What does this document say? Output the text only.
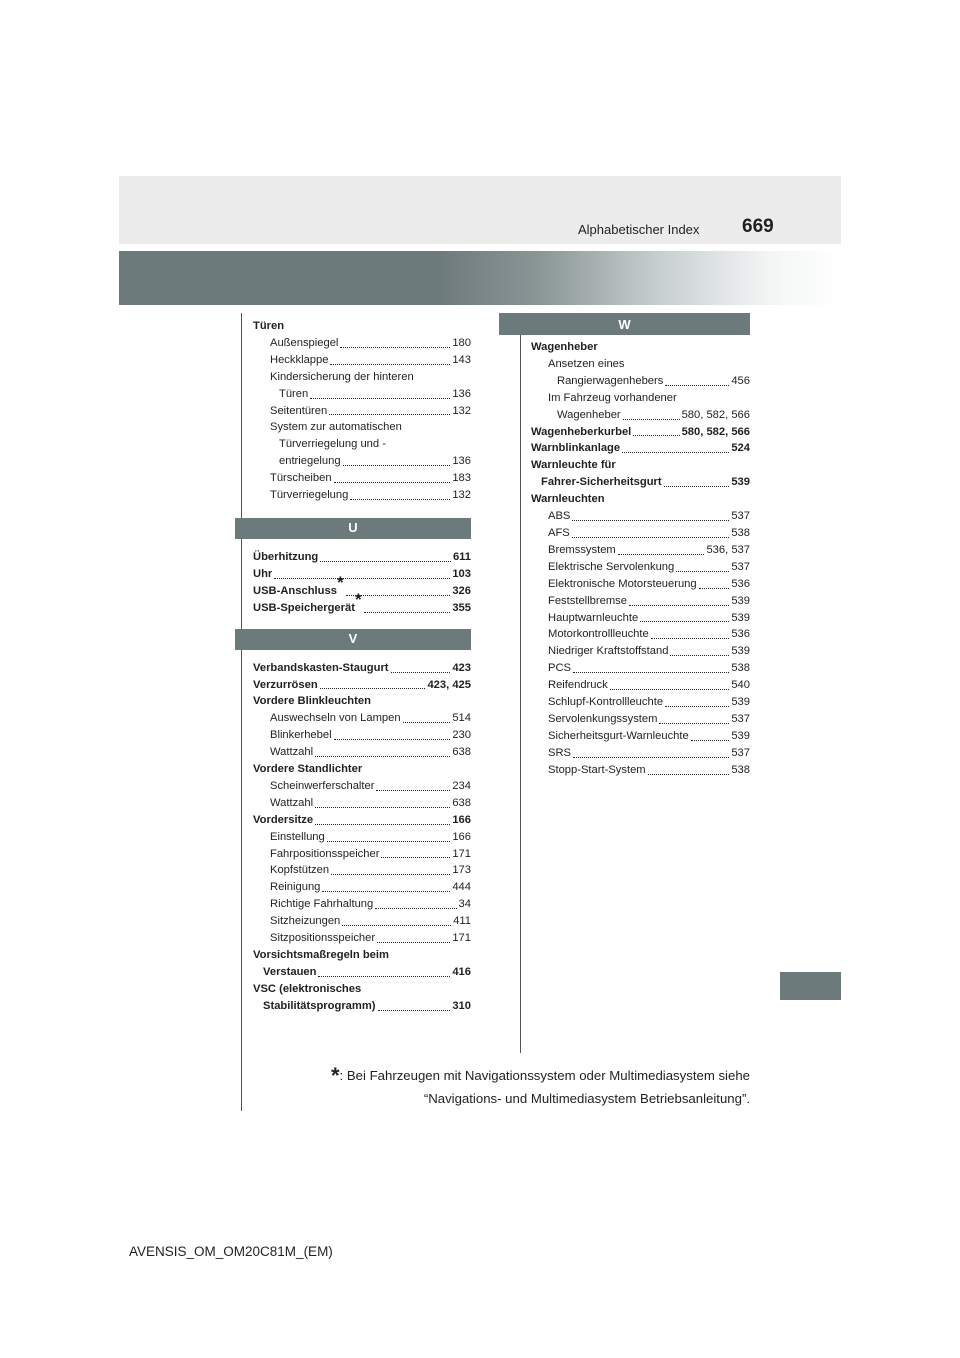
Alphabetischer Index 669
Türen
Außenspiegel	180
Heckklappe	143
Kindersicherung der hinteren
Türen	136
Seitentüren	132
System zur automatischen
Türverriegelung und -
entriegelung	136
Türscheiben	183
Türverriegelung	132
U
Überhitzung	611
Uhr	103
USB-Anschluss*	326
USB-Speichergerät*	355
V
Verbandskasten-Staugurt	423
Verzurrösen	423, 425
Vordere Blinkleuchten
Auswechseln von Lampen	514
Blinkerhebel	230
Wattzahl	638
Vordere Standlichter
Scheinwerferschalter	234
Wattzahl	638
Vordersitze	166
Einstellung	166
Fahrpositionsspeicher	171
Kopfstützen	173
Reinigung	444
Richtige Fahrhaltung	34
Sitzheizungen	411
Sitzpositionsspeicher	171
Vorsichtsmaßregeln beim
Verstauen	416
VSC (elektronisches
Stabilitätsprogramm)	310
W
Wagenheber
Ansetzen eines
Rangierwagenhebers	456
Im Fahrzeug vorhandener
Wagenheber	580, 582, 566
Wagenheberkurbel	580, 582, 566
Warnblinkanlage	524
Warnleuchte für
Fahrer-Sicherheitsgurt	539
Warnleuchten
ABS	537
AFS	538
Bremssystem	536, 537
Elektrische Servolenkung	537
Elektronische Motorsteuerung	536
Feststellbremse	539
Hauptwarnleuchte	539
Motorkontrollleuchte	536
Niedriger Kraftstoffstand	539
PCS	538
Reifendruck	540
Schlupf-Kontrollleuchte	539
Servolenkungssystem	537
Sicherheitsgurt-Warnleuchte	539
SRS	537
Stopp-Start-System	538
*: Bei Fahrzeugen mit Navigationssystem oder Multimediasystem siehe
“Navigations- und Multimediasystem Betriebsanleitung”.
AVENSIS_OM_OM20C81M_(EM)
